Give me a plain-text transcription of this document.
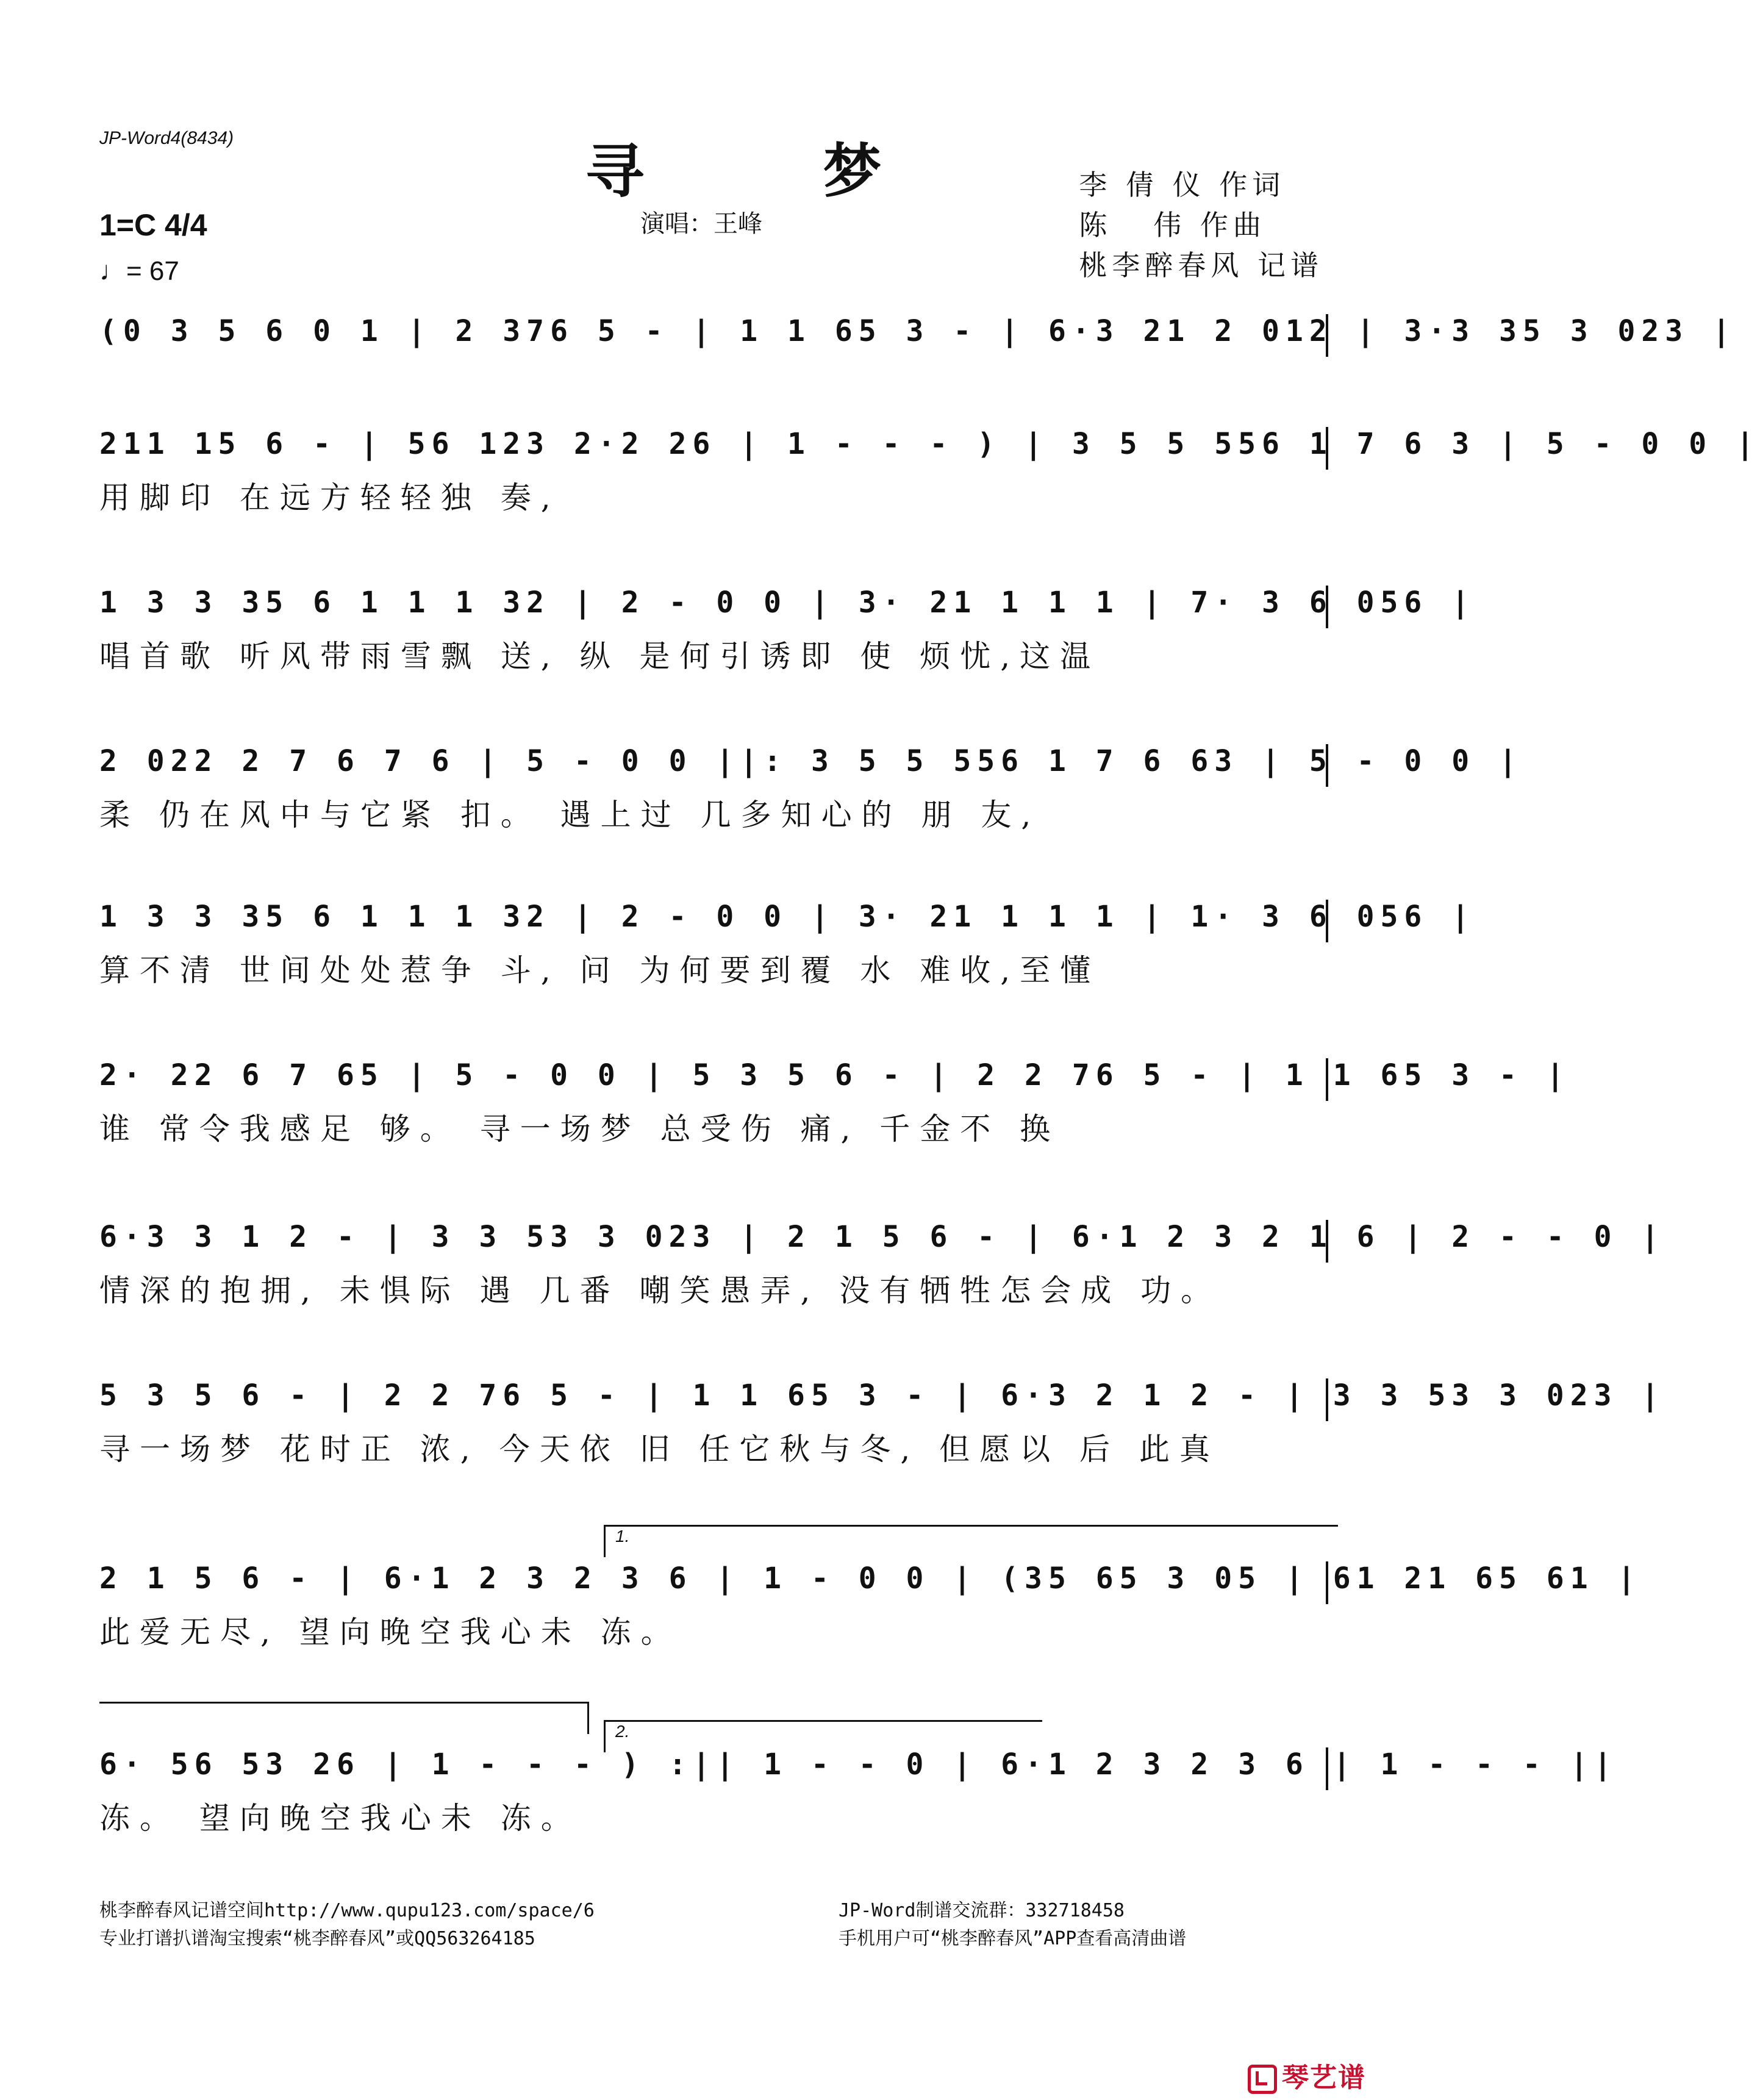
JP-Word4(8434)	寻 梦
演唱：王峰
李 倩 仪 作词
陈   伟 作曲
桃李醉春风 记谱
1=C 4/4
♩= 67
(0 3 5 6 0 1 | 2 376 5 - | 1 1 65 3 - | 6·3 21 2 012 | 3·3 35 3 023 |
211 15 6 - | 56 123 2·2 26 | 1 - - - ) | 3 5 5 556 1 7 6 3 | 5 - 0 0 |
用脚印 在远方轻轻独 奏,
1 3 3 35 6 1 1 1 32 | 2 - 0 0 | 3· 21 1 1 1 | 7· 3 6 056 |
唱首歌 听风带雨雪飘 送, 纵 是何引诱即 使 烦忧,这温
2 022 2 7 6 7 6 | 5 - 0 0 ||: 3 5 5 556 1 7 6 63 | 5 - 0 0 |
柔 仍在风中与它紧 扣。 遇上过 几多知心的 朋 友,
1 3 3 35 6 1 1 1 32 | 2 - 0 0 | 3· 21 1 1 1 | 1· 3 6 056 |
算不清 世间处处惹争 斗, 问 为何要到覆 水 难收,至懂
2· 22 6 7 65 | 5 - 0 0 | 5 3 5 6 - | 2 2 76 5 - | 1 1 65 3 - |
谁 常令我感足 够。 寻一场梦 总受伤 痛, 千金不 换
6·3 3 1 2 - | 3 3 53 3 023 | 2 1 5 6 - | 6·1 2 3 2 1 6 | 2 - - 0 |
情深的抱拥, 未惧际 遇 几番 嘲笑愚弄, 没有牺牲怎会成 功。
5 3 5 6 - | 2 2 76 5 - | 1 1 65 3 - | 6·3 2 1 2 - | 3 3 53 3 023 |
寻一场梦 花时正 浓, 今天依 旧 任它秋与冬, 但愿以 后 此真
1.
2 1 5 6 - | 6·1 2 3 2 3 6 | 1 - 0 0 | (35 65 3 05 | 61 21 65 61 |
此爱无尽, 望向晚空我心未 冻。
2.
6· 56 53 26 | 1 - - - ) :|| 1 - - 0 | 6·1 2 3 2 3 6 | 1 - - - ||
冻。 望向晚空我心未 冻。
桃李醉春风记谱空间http://www.qupu123.com/space/6
专业打谱扒谱淘宝搜索“桃李醉春风”或QQ563264185
JP-Word制谱交流群：332718458
手机用户可“桃李醉春风”APP查看高清曲谱
琴艺谱
